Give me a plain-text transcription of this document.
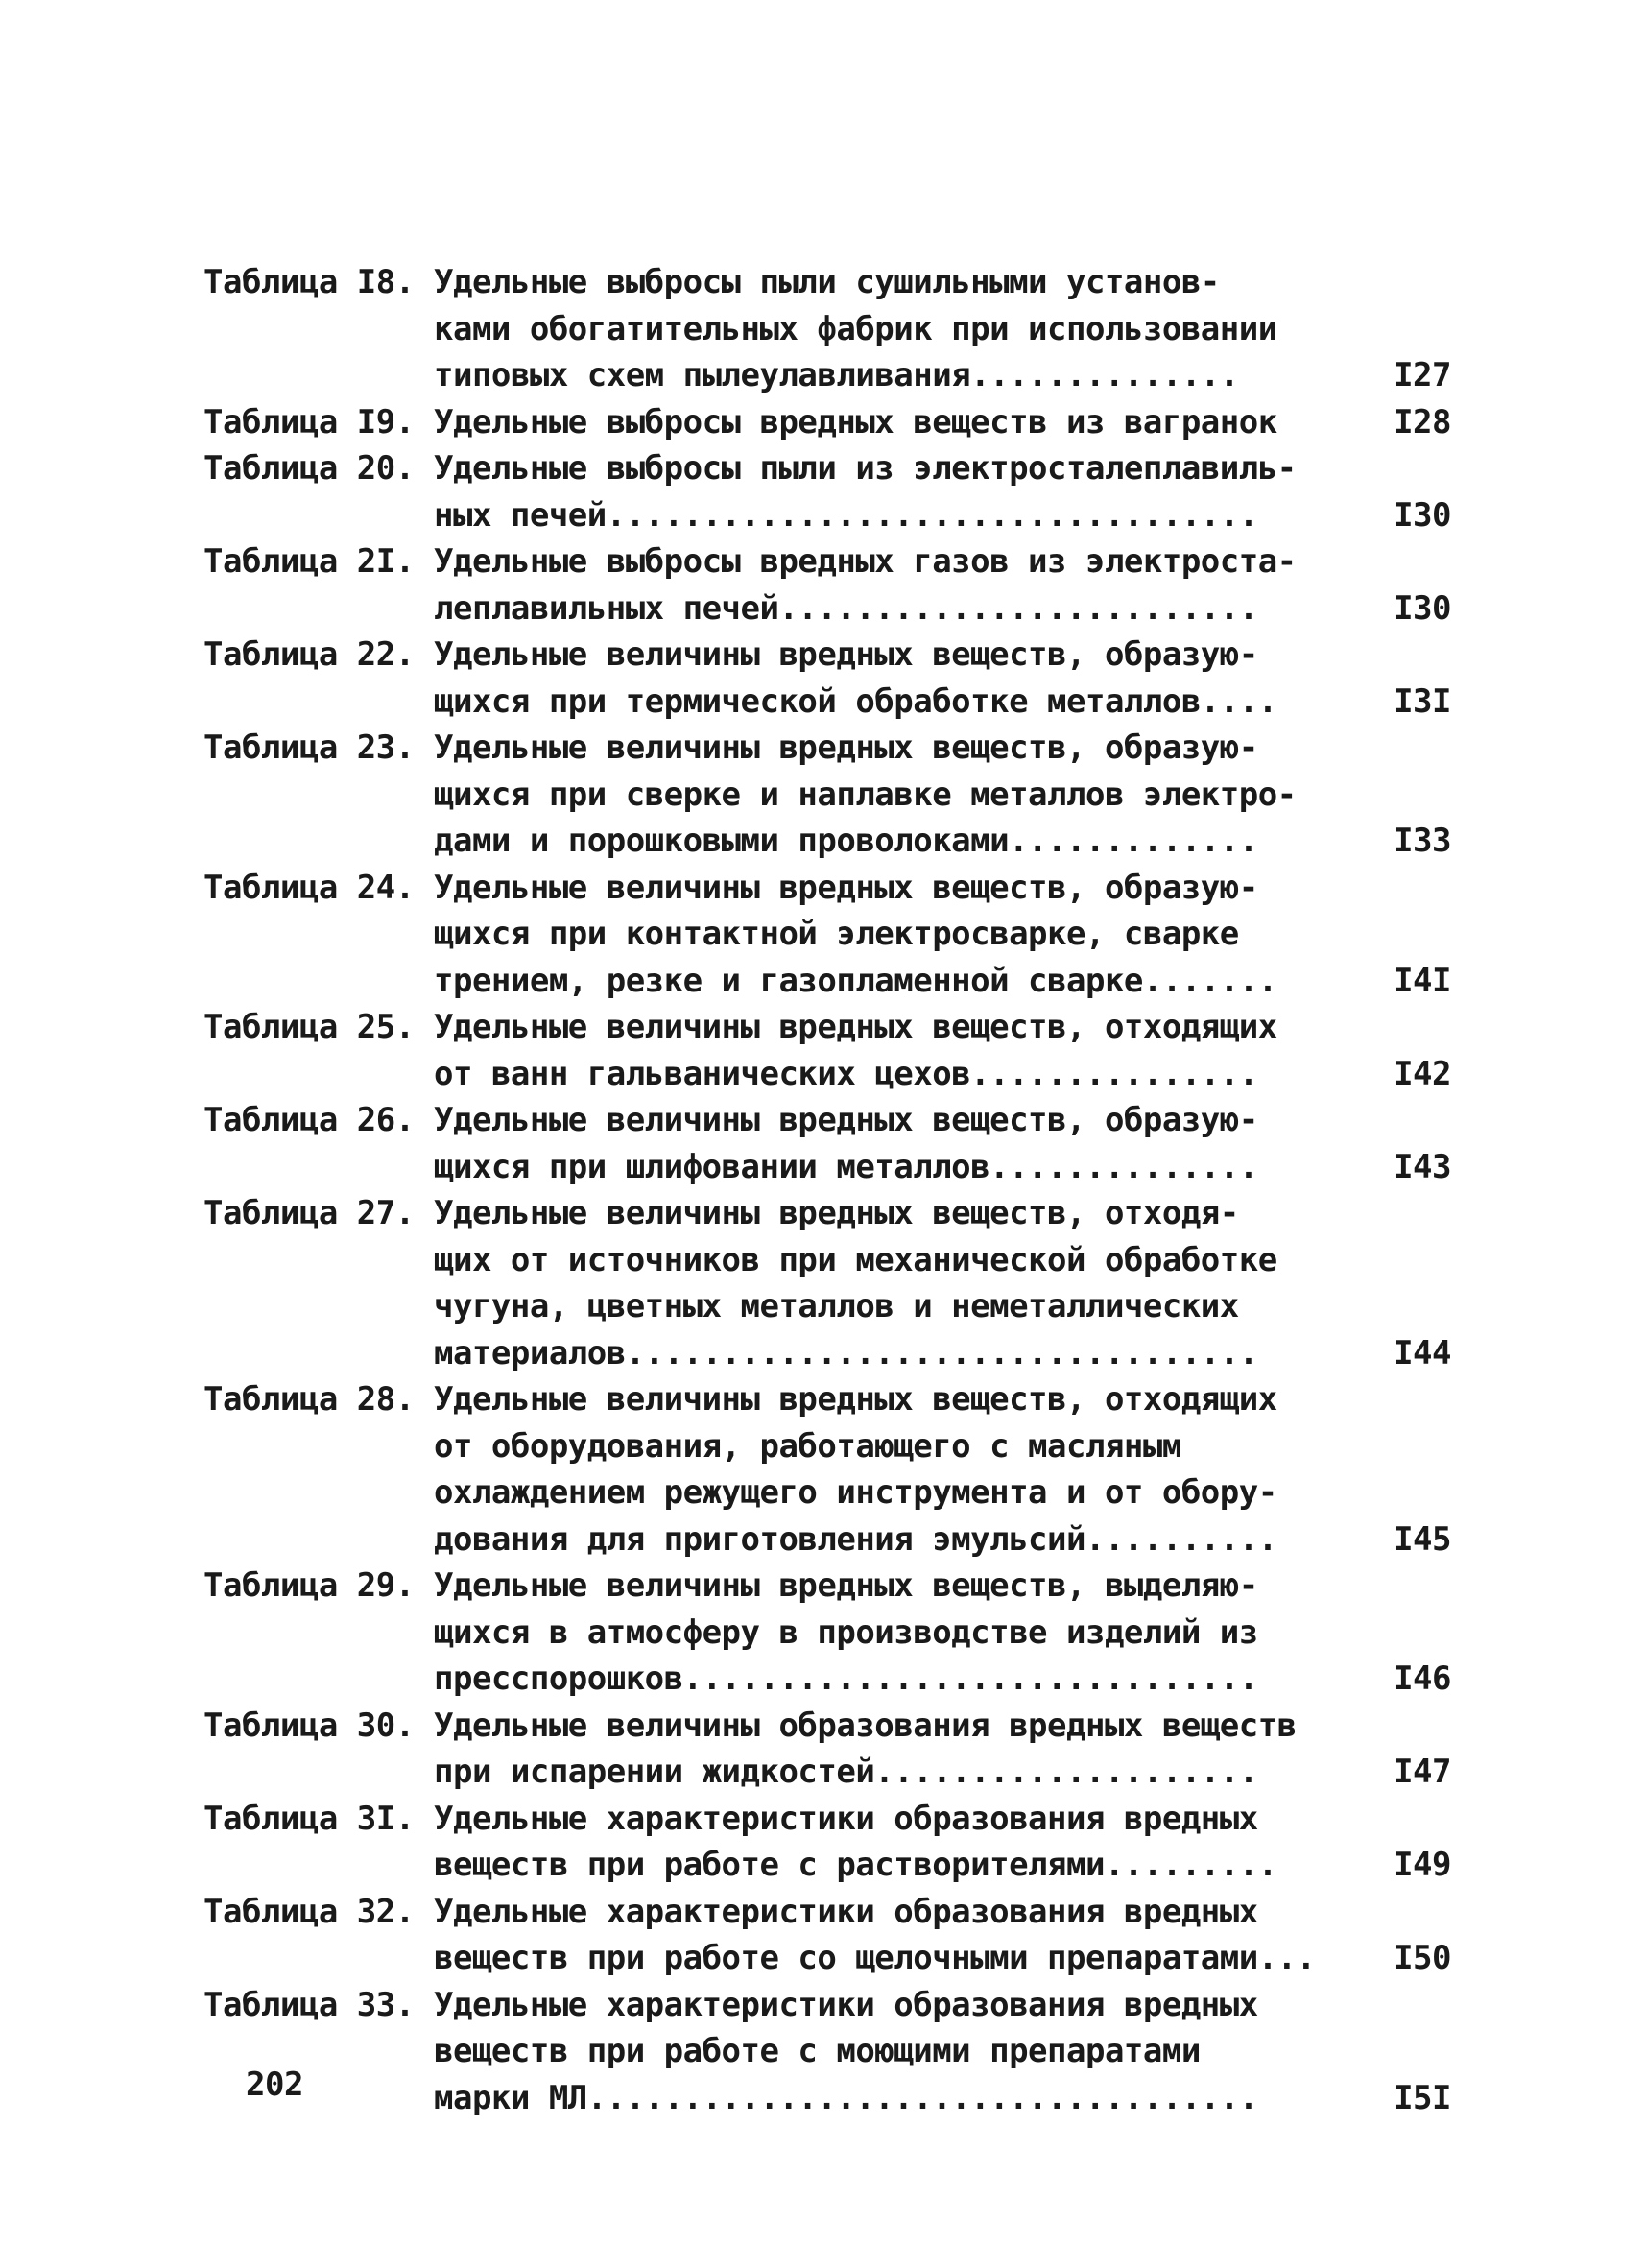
Таблица I8. Удельные выбросы пыли сушильными установ-
ками обогатительных фабрик при использовании
типовых схем пылеулавливания..............	I27
Таблица I9. Удельные выбросы вредных веществ из вагранок	I28
Таблица 20. Удельные выбросы пыли из электросталеплавиль-
ных печей..................................	I30
Таблица 2I. Удельные выбросы вредных газов из электроста-
леплавильных печей.........................	I30
Таблица 22. Удельные величины вредных веществ, образую-
щихся при термической обработке металлов....	I3I
Таблица 23. Удельные величины вредных веществ, образую-
щихся при сверке и наплавке металлов электро-
дами и порошковыми проволоками.............	I33
Таблица 24. Удельные величины вредных веществ, образую-
щихся при контактной электросварке, сварке
трением, резке и газопламенной сварке.......	I4I
Таблица 25. Удельные величины вредных веществ, отходящих
от ванн гальванических цехов...............	I42
Таблица 26. Удельные величины вредных веществ, образую-
щихся при шлифовании металлов..............	I43
Таблица 27. Удельные величины вредных веществ, отходя-
щих от источников при механической обработке
чугуна, цветных металлов и неметаллических
материалов.................................	I44
Таблица 28. Удельные величины вредных веществ, отходящих
от оборудования, работающего с масляным
охлаждением режущего инструмента и от обору-
дования для приготовления эмульсий..........	I45
Таблица 29. Удельные величины вредных веществ, выделяю-
щихся в атмосферу в производстве изделий из
пресспорошков..............................	I46
Таблица 30. Удельные величины образования вредных веществ
при испарении жидкостей....................	I47
Таблица 3I. Удельные характеристики образования вредных
веществ при работе с растворителями.........	I49
Таблица 32. Удельные характеристики образования вредных
веществ при работе со щелочными препаратами...	I50
Таблица 33. Удельные характеристики образования вредных
веществ при работе с моющими препаратами
марки МЛ...................................	I5I
202
